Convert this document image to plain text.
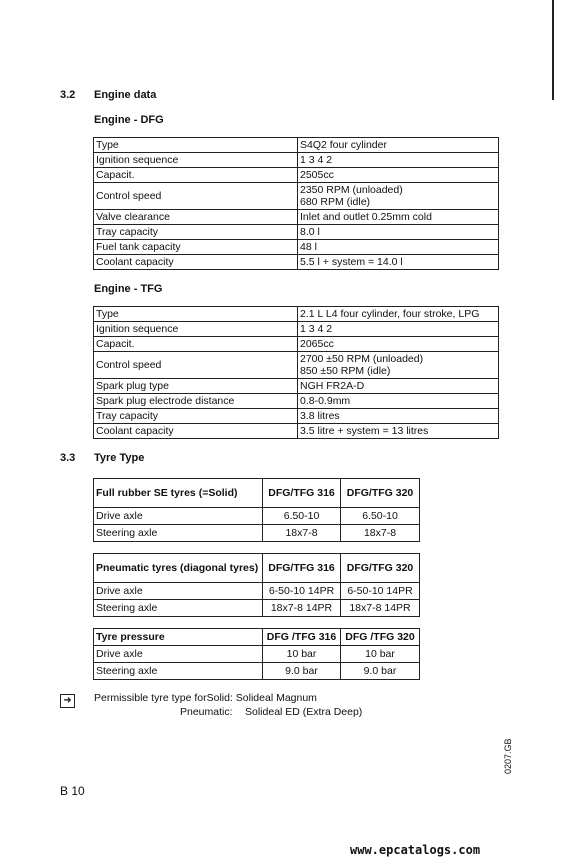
3.2 Engine data
Engine - DFG
Type	S4Q2 four cylinder
Ignition sequence	1 3 4 2
Capacit.	2505cc
Control speed	2350 RPM (unloaded)
680 RPM (idle)
Valve clearance	Inlet and outlet 0.25mm cold
Tray capacity	8.0 l
Fuel tank capacity	48 l
Coolant capacity	5.5 l + system = 14.0 l
Engine - TFG
Type	2.1 L L4 four cylinder, four stroke, LPG
Ignition sequence	1 3 4 2
Capacit.	2065cc
Control speed	2700 ±50 RPM (unloaded)
850 ±50 RPM (idle)
Spark plug type	NGH FR2A-D
Spark plug electrode distance	0.8-0.9mm
Tray capacity	3.8 litres
Coolant capacity	3.5 litre + system = 13 litres
3.3 Tyre Type
Full rubber SE tyres (=Solid)	DFG/TFG 316	DFG/TFG 320
Drive axle	6.50-10	6.50-10
Steering axle	18x7-8	18x7-8
Pneumatic tyres (diagonal tyres)	DFG/TFG 316	DFG/TFG 320
Drive axle	6-50-10 14PR	6-50-10 14PR
Steering axle	18x7-8 14PR	18x7-8 14PR
Tyre pressure	DFG /TFG 316	DFG /TFG 320
Drive axle	10 bar	10 bar
Steering axle	9.0 bar	9.0 bar
➜	Permissible tyre type forSolid: Solideal Magnum
Pneumatic: Solideal ED (Extra Deep)
0207.GB
B 10
www.epcatalogs.com
